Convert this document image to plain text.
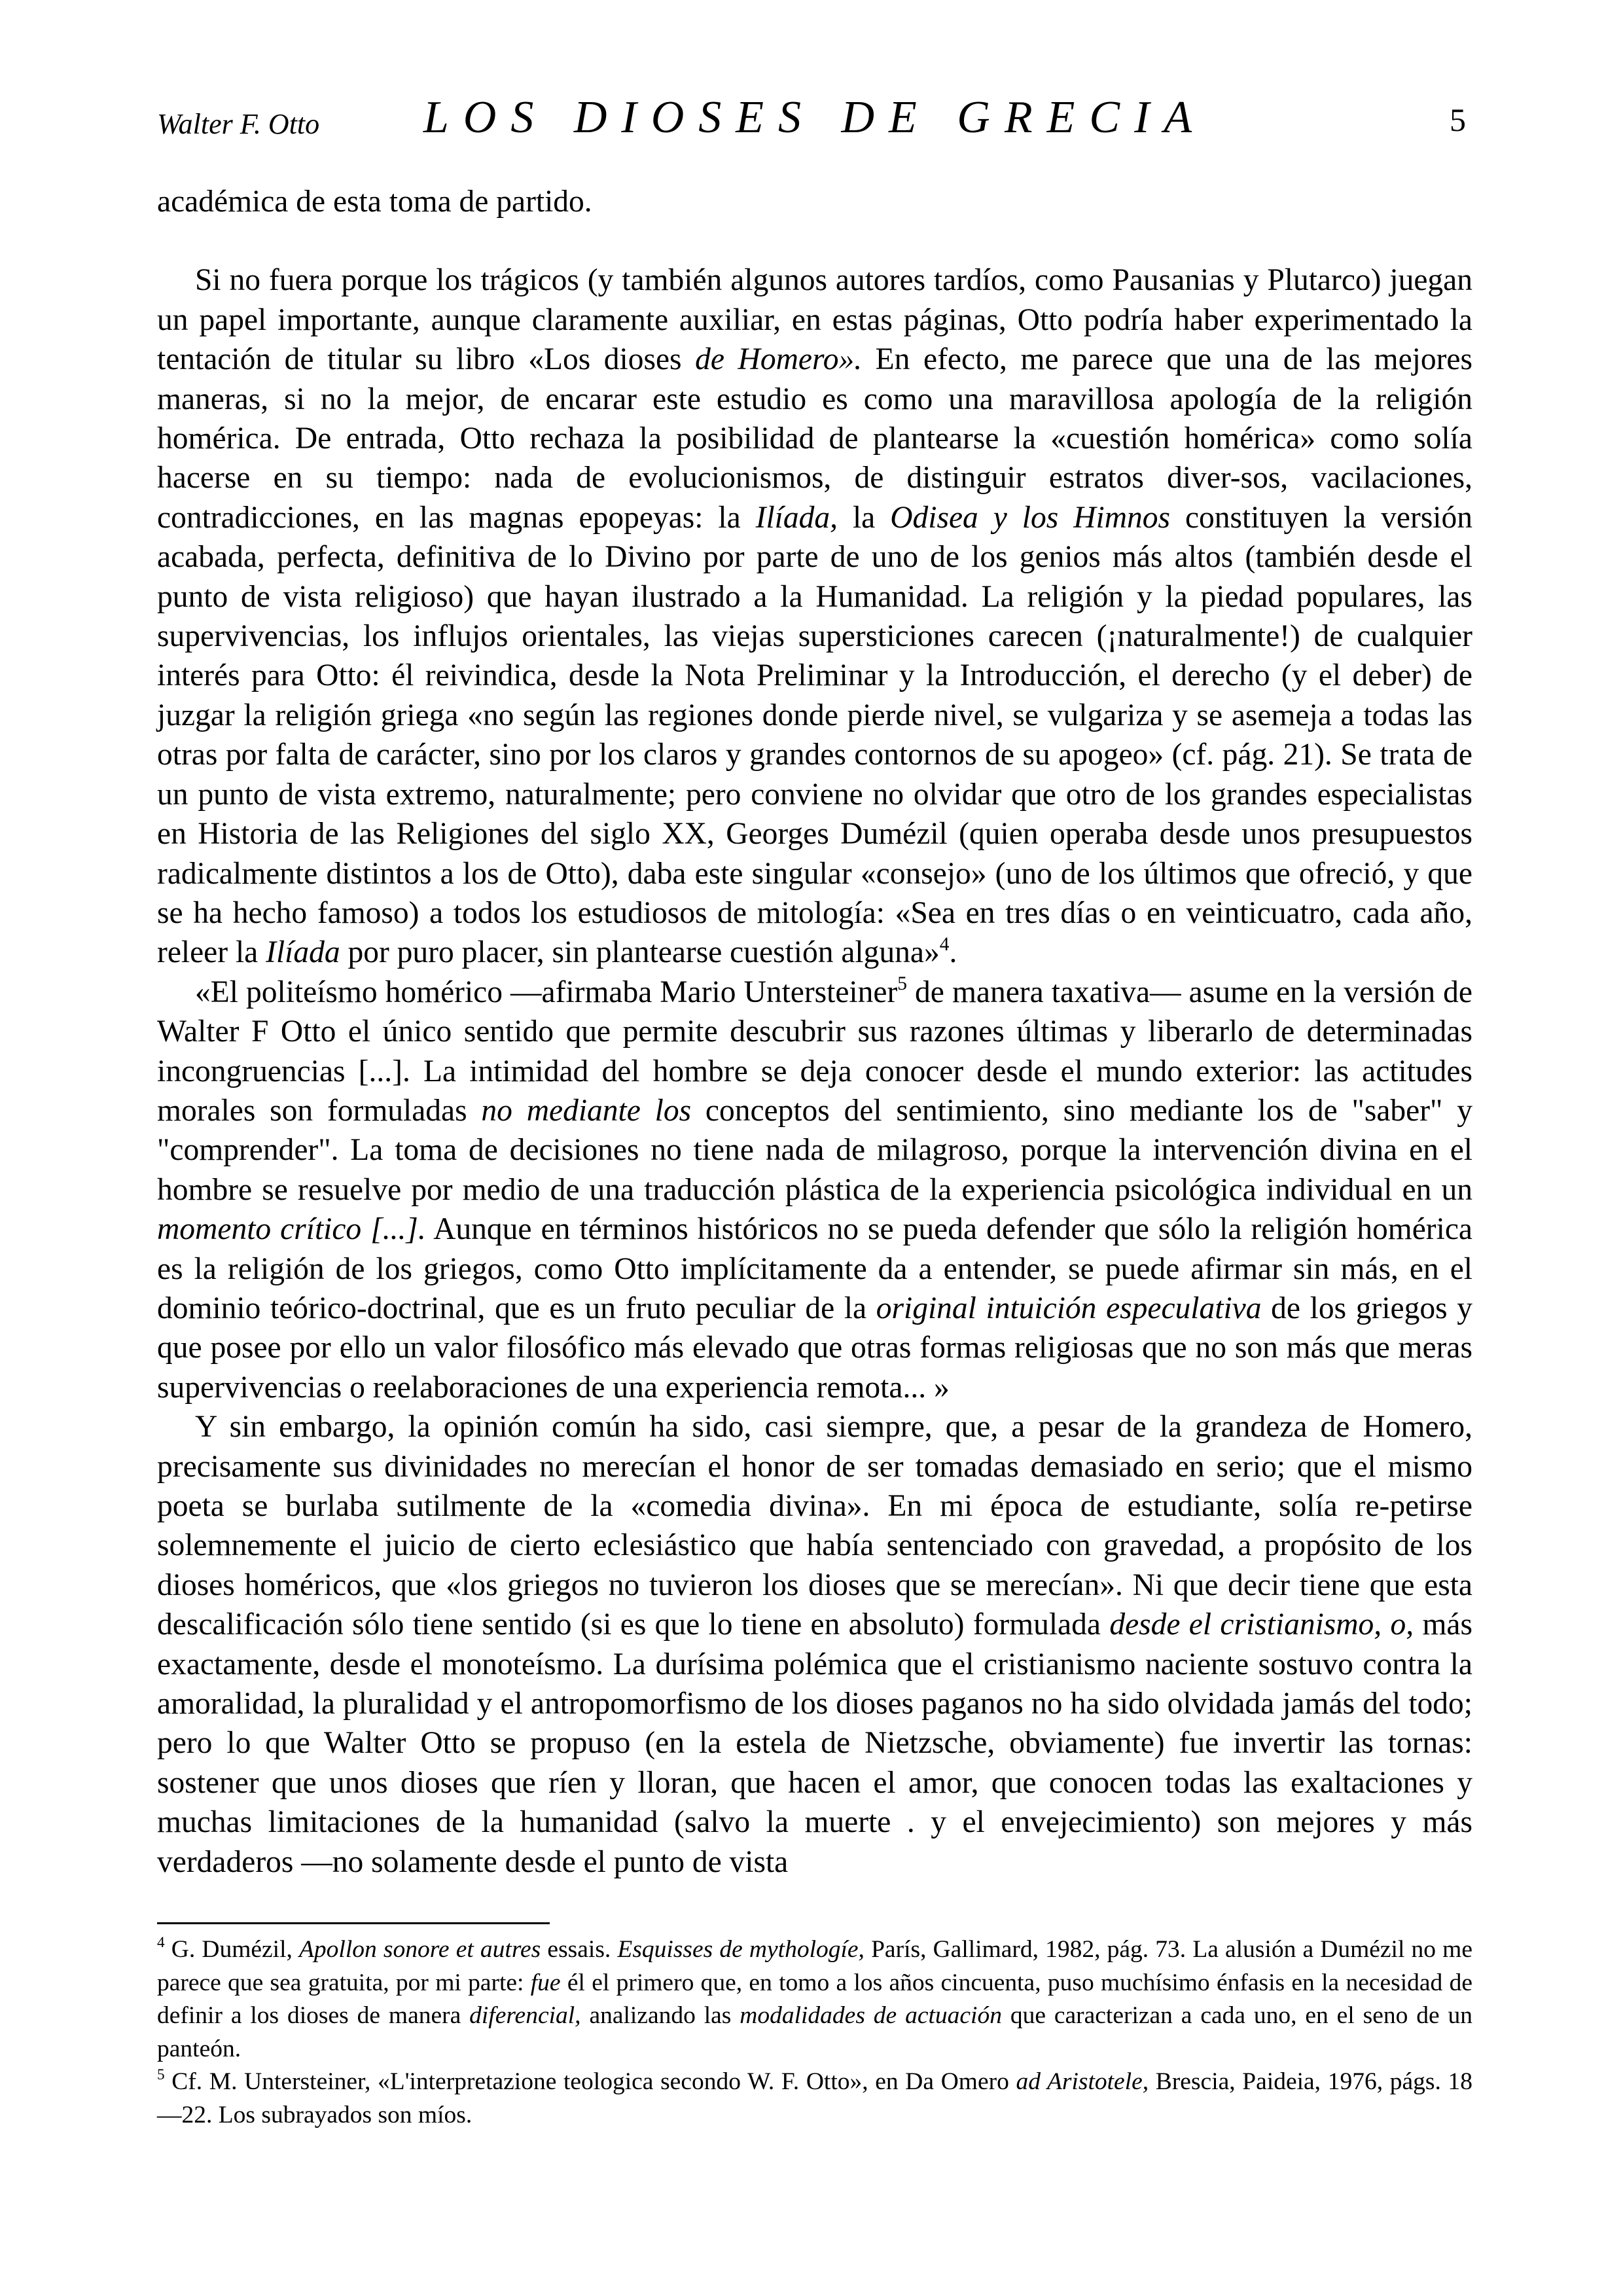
Walter F. Otto	LOS DIOSES DE GRECIA	5

académica de esta toma de partido.

Si no fuera porque los trágicos (y también algunos autores tardíos, como Pausanias y Plutarco) juegan un papel importante, aunque claramente auxiliar, en estas páginas, Otto podría haber experimentado la tentación de titular su libro «Los dioses de Homero». En efecto, me parece que una de las mejores maneras, si no la mejor, de encarar este estudio es como una maravillosa apología de la religión homérica. De entrada, Otto rechaza la posibilidad de plantearse la «cuestión homérica» como solía hacerse en su tiempo: nada de evolucionismos, de distinguir estratos diver-sos, vacilaciones, contradicciones, en las magnas epopeyas: la Ilíada, la Odisea y los Himnos constituyen la versión acabada, perfecta, definitiva de lo Divino por parte de uno de los genios más altos (también desde el punto de vista religioso) que hayan ilustrado a la Humanidad. La religión y la piedad populares, las supervivencias, los influjos orientales, las viejas supersticiones carecen (¡naturalmente!) de cualquier interés para Otto: él reivindica, desde la Nota Preliminar y la Introducción, el derecho (y el deber) de juzgar la religión griega «no según las regiones donde pierde nivel, se vulgariza y se asemeja a todas las otras por falta de carácter, sino por los claros y grandes contornos de su apogeo» (cf. pág. 21). Se trata de un punto de vista extremo, naturalmente; pero conviene no olvidar que otro de los grandes especialistas en Historia de las Religiones del siglo XX, Georges Dumézil (quien operaba desde unos presupuestos radicalmente distintos a los de Otto), daba este singular «consejo» (uno de los últimos que ofreció, y que se ha hecho famoso) a todos los estudiosos de mitología: «Sea en tres días o en veinticuatro, cada año, releer la Ilíada por puro placer, sin plantearse cuestión alguna»$^4$.

«El politeísmo homérico —afirmaba Mario Untersteiner$^5$ de manera taxativa— asume en la versión de Walter F Otto el único sentido que permite descubrir sus razones últimas y liberarlo de determinadas incongruencias [...]. La intimidad del hombre se deja conocer desde el mundo exterior: las actitudes morales son formuladas no mediante los conceptos del sentimiento, sino mediante los de "saber" y "comprender". La toma de decisiones no tiene nada de milagroso, porque la intervención divina en el hombre se resuelve por medio de una traducción plástica de la experiencia psicológica individual en un momento crítico [...]. Aunque en términos históricos no se pueda defender que sólo la religión homérica es la religión de los griegos, como Otto implícitamente da a entender, se puede afirmar sin más, en el dominio teórico-doctrinal, que es un fruto peculiar de la original intuición especulativa de los griegos y que posee por ello un valor filosófico más elevado que otras formas religiosas que no son más que meras supervivencias o reelaboraciones de una experiencia remota... »

Y sin embargo, la opinión común ha sido, casi siempre, que, a pesar de la grandeza de Homero, precisamente sus divinidades no merecían el honor de ser tomadas demasiado en serio; que el mismo poeta se burlaba sutilmente de la «comedia divina». En mi época de estudiante, solía re-petirse solemnemente el juicio de cierto eclesiástico que había sentenciado con gravedad, a propósito de los dioses homéricos, que «los griegos no tuvieron los dioses que se merecían». Ni que decir tiene que esta descalificación sólo tiene sentido (si es que lo tiene en absoluto) formulada desde el cristianismo, o, más exactamente, desde el monoteísmo. La durísima polémica que el cristianismo naciente sostuvo contra la amoralidad, la pluralidad y el antropomorfismo de los dioses paganos no ha sido olvidada jamás del todo; pero lo que Walter Otto se propuso (en la estela de Nietzsche, obviamente) fue invertir las tornas: sostener que unos dioses que ríen y lloran, que hacen el amor, que conocen todas las exaltaciones y muchas limitaciones de la humanidad (salvo la muerte . y el envejecimiento) son mejores y más verdaderos —no solamente desde el punto de vista

$^4$ G. Dumézil, Apollon sonore et autres essais. Esquisses de mythologíe, París, Gallimard, 1982, pág. 73. La alusión a Dumézil no me parece que sea gratuita, por mi parte: fue él el primero que, en tomo a los años cincuenta, puso muchísimo énfasis en la necesidad de definir a los dioses de manera diferencial, analizando las modalidades de actuación que caracterizan a cada uno, en el seno de un panteón.

$^5$ Cf. M. Untersteiner, «L'interpretazione teologica secondo W. F. Otto», en Da Omero ad Aristotele, Brescia, Paideia, 1976, págs. 18—22. Los subrayados son míos.
